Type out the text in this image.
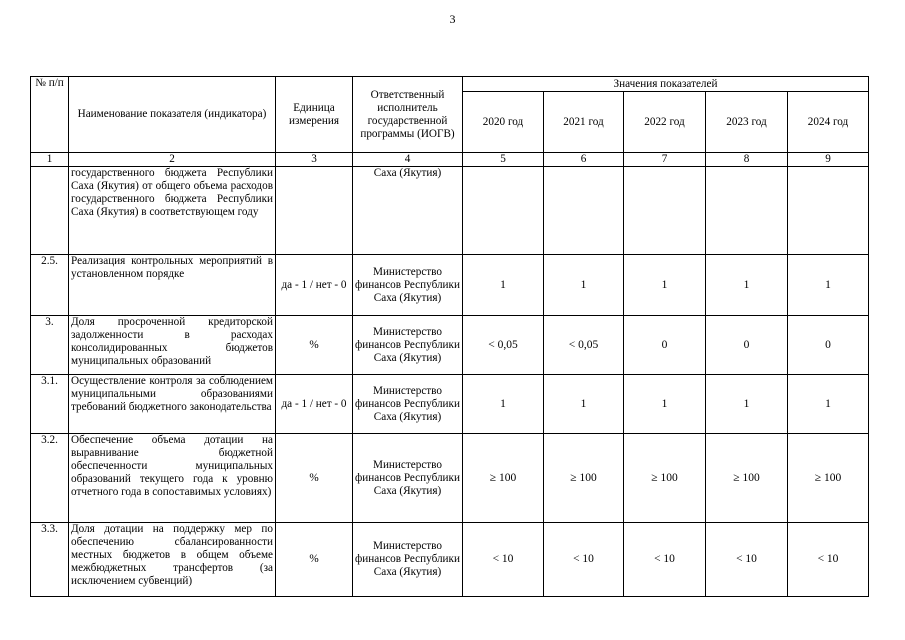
3
№ п/п	Наименование показателя (индикатора)	Единица измерения	Ответственный исполнитель государственной программы (ИОГВ)	Значения показателей				
				2020 год	2021 год	2022 год	2023 год	2024 год
1	2	3	4	5	6	7	8	9
	государственного бюджета Республики Саха (Якутия) от общего объема расходов государственного бюджета Республики Саха (Якутия) в соответствующем году		Саха (Якутия)					
2.5.	Реализация контрольных мероприятий в установленном порядке	да - 1 / нет - 0	Министерство финансов Республики Саха (Якутия)	1	1	1	1	1
3.	Доля просроченной кредиторской задолженности в расходах консолидированных бюджетов муниципальных образований	%	Министерство финансов Республики Саха (Якутия)	< 0,05	< 0,05	0	0	0
3.1.	Осуществление контроля за соблюдением муниципальными образованиями требований бюджетного законодательства	да - 1 / нет - 0	Министерство финансов Республики Саха (Якутия)	1	1	1	1	1
3.2.	Обеспечение объема дотации на выравнивание бюджетной обеспеченности муниципальных образований текущего года к уровню отчетного года в сопоставимых условиях)	%	Министерство финансов Республики Саха (Якутия)	≥ 100	≥ 100	≥ 100	≥ 100	≥ 100
3.3.	Доля дотации на поддержку мер по обеспечению сбалансированности местных бюджетов в общем объеме межбюджетных трансфертов (за исключением субвенций)	%	Министерство финансов Республики Саха (Якутия)	< 10	< 10	< 10	< 10	< 10
